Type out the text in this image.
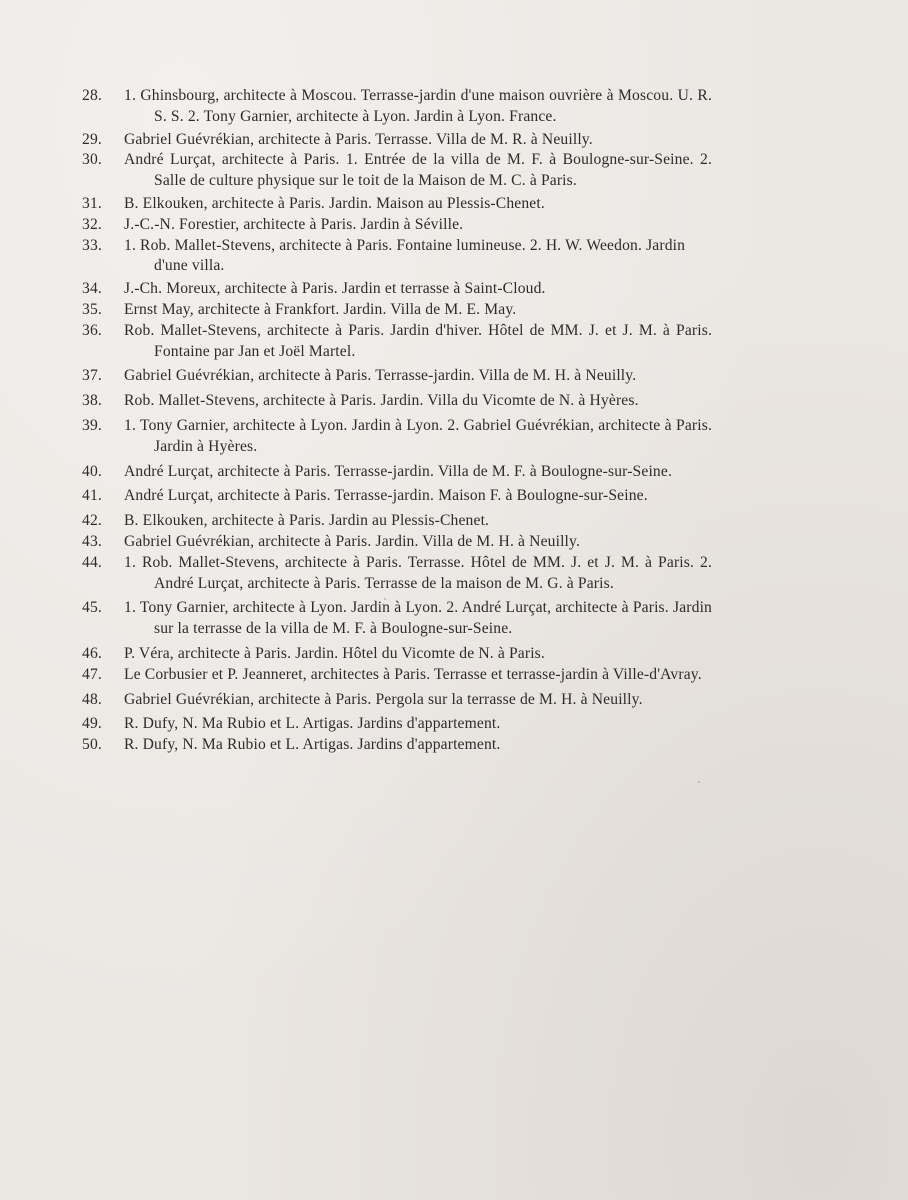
28.	1. Ghinsbourg, architecte à Moscou. Terrasse-jardin d'une maison ouvrière à Moscou. U. R. S. S. 2. Tony Garnier, architecte à Lyon. Jardin à Lyon. France.
29.	Gabriel Guévrékian, architecte à Paris. Terrasse. Villa de M. R. à Neuilly.
30.	André Lurçat, architecte à Paris. 1. Entrée de la villa de M. F. à Boulogne-sur-Seine. 2. Salle de culture physique sur le toit de la Maison de M. C. à Paris.
31.	B. Elkouken, architecte à Paris. Jardin. Maison au Plessis-Chenet.
32.	J.-C.-N. Forestier, architecte à Paris. Jardin à Séville.
33.	1. Rob. Mallet-Stevens, architecte à Paris. Fontaine lumineuse. 2. H. W. Weedon. Jardin d'une villa.
34.	J.-Ch. Moreux, architecte à Paris. Jardin et terrasse à Saint-Cloud.
35.	Ernst May, architecte à Frankfort. Jardin. Villa de M. E. May.
36.	Rob. Mallet-Stevens, architecte à Paris. Jardin d'hiver. Hôtel de MM. J. et J. M. à Paris. Fontaine par Jan et Joël Martel.
37.	Gabriel Guévrékian, architecte à Paris. Terrasse-jardin. Villa de M. H. à Neuilly.
38.	Rob. Mallet-Stevens, architecte à Paris. Jardin. Villa du Vicomte de N. à Hyères.
39.	1. Tony Garnier, architecte à Lyon. Jardin à Lyon. 2. Gabriel Guévrékian, architecte à Paris. Jardin à Hyères.
40.	André Lurçat, architecte à Paris. Terrasse-jardin. Villa de M. F. à Boulogne-sur-Seine.
41.	André Lurçat, architecte à Paris. Terrasse-jardin. Maison F. à Boulogne-sur-Seine.
42.	B. Elkouken, architecte à Paris. Jardin au Plessis-Chenet.
43.	Gabriel Guévrékian, architecte à Paris. Jardin. Villa de M. H. à Neuilly.
44.	1. Rob. Mallet-Stevens, architecte à Paris. Terrasse. Hôtel de MM. J. et J. M. à Paris. 2. André Lurçat, architecte à Paris. Terrasse de la maison de M. G. à Paris.
45.	1. Tony Garnier, architecte à Lyon. Jardin à Lyon. 2. André Lurçat, architecte à Paris. Jardin sur la terrasse de la villa de M. F. à Boulogne-sur-Seine.
46.	P. Véra, architecte à Paris. Jardin. Hôtel du Vicomte de N. à Paris.
47.	Le Corbusier et P. Jeanneret, architectes à Paris. Terrasse et terrasse-jardin à Ville-d'Avray.
48.	Gabriel Guévrékian, architecte à Paris. Pergola sur la terrasse de M. H. à Neuilly.
49.	R. Dufy, N. Ma Rubio et L. Artigas. Jardins d'appartement.
50.	R. Dufy, N. Ma Rubio et L. Artigas. Jardins d'appartement.
